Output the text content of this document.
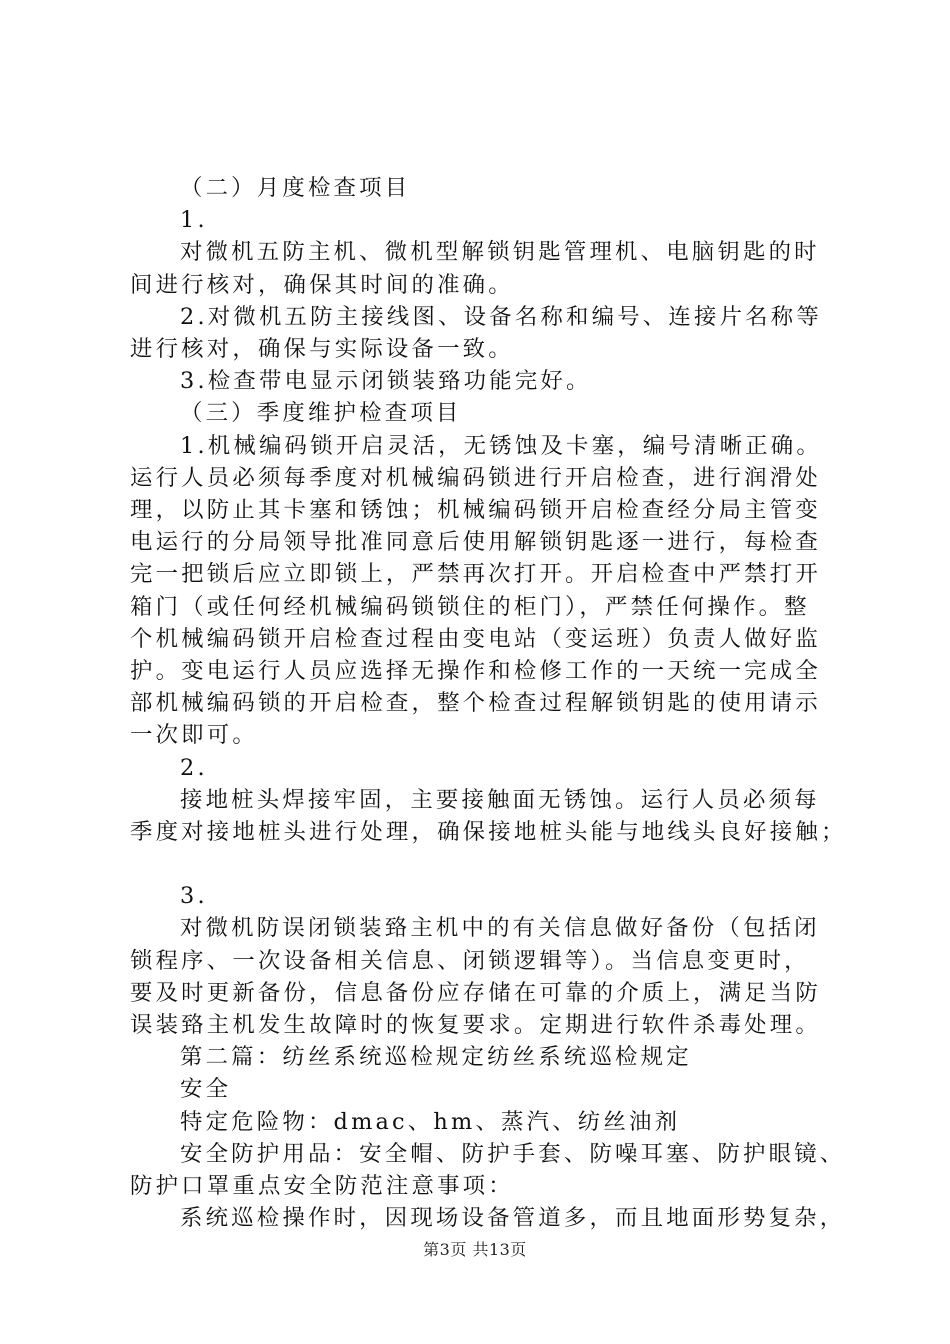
（二）月度检查项目

1.

对微机五防主机、微机型解锁钥匙管理机、电脑钥匙的时

间进行核对，确保其时间的准确。

2.对微机五防主接线图、设备名称和编号、连接片名称等

进行核对，确保与实际设备一致。

3.检查带电显示闭锁装臵功能完好。

（三）季度维护检查项目

1.机械编码锁开启灵活，无锈蚀及卡塞，编号清晰正确。

运行人员必须每季度对机械编码锁进行开启检查，进行润滑处

理，以防止其卡塞和锈蚀；机械编码锁开启检查经分局主管变

电运行的分局领导批准同意后使用解锁钥匙逐一进行，每检查

完一把锁后应立即锁上，严禁再次打开。开启检查中严禁打开

箱门（或任何经机械编码锁锁住的柜门），严禁任何操作。整

个机械编码锁开启检查过程由变电站（变运班）负责人做好监

护。变电运行人员应选择无操作和检修工作的一天统一完成全

部机械编码锁的开启检查，整个检查过程解锁钥匙的使用请示

一次即可。

2.

接地桩头焊接牢固，主要接触面无锈蚀。运行人员必须每

季度对接地桩头进行处理，确保接地桩头能与地线头良好接触；

3.

对微机防误闭锁装臵主机中的有关信息做好备份（包括闭

锁程序、一次设备相关信息、闭锁逻辑等）。当信息变更时，

要及时更新备份，信息备份应存储在可靠的介质上，满足当防

误装臵主机发生故障时的恢复要求。定期进行软件杀毒处理。

第二篇：纺丝系统巡检规定纺丝系统巡检规定

安全

特定危险物：dmac、hm、蒸汽、纺丝油剂

安全防护用品：安全帽、防护手套、防噪耳塞、防护眼镜、

防护口罩重点安全防范注意事项：

系统巡检操作时，因现场设备管道多，而且地面形势复杂，

第3页 共13页
